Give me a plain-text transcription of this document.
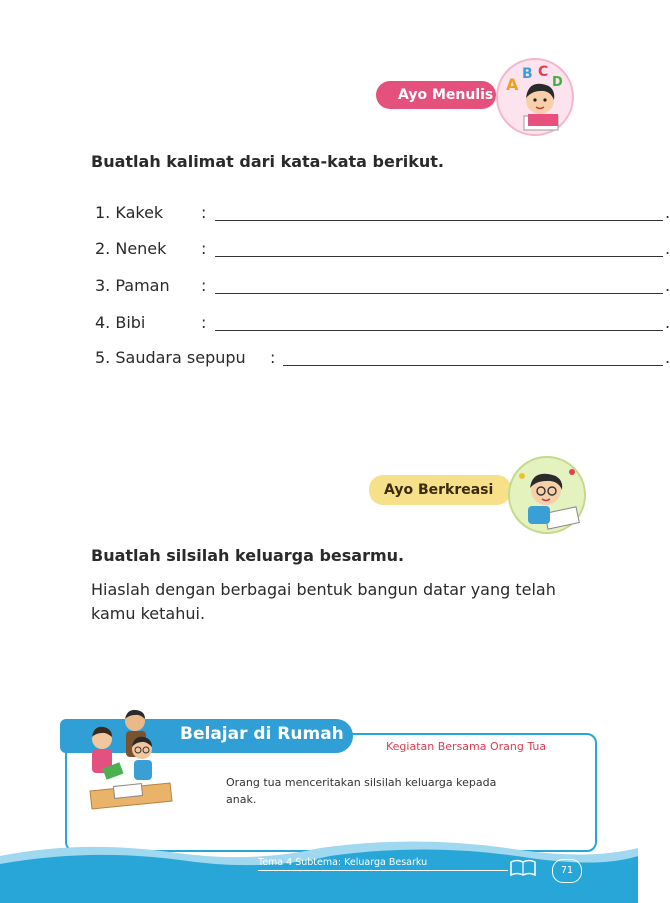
Ayo Menulis
A
B C
D
Buatlah kalimat dari kata-kata berikut.
1. Kakek :	.
2. Nenek :	.
3. Paman :	.
4. Bibi	:	.
5. Saudara sepupu :	.
Ayo Berkreasi
Buatlah silsilah keluarga besarmu.
Hiaslah dengan berbagai bentuk bangun datar yang telah kamu ketahui.
Belajar di Rumah
Kegiatan Bersama Orang Tua
Orang tua menceritakan silsilah keluarga kepada anak.
Tema 4 Subtema: Keluarga Besarku
71
